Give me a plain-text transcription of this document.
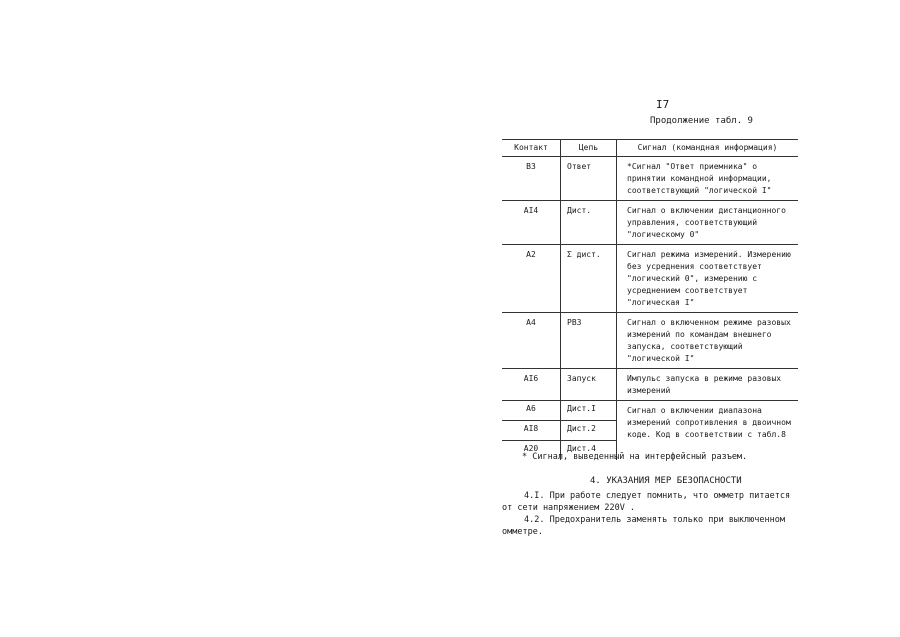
I7
Продолжение табл. 9
Контакт	Цепь	Сигнал (командная информация)
B3	Ответ	*Сигнал "Ответ приемника" о принятии командной информации, соответствующий "логической I"
AI4	Дист.	Сигнал о включении дистанционного управления, соответствующий "логическому 0"
A2	Σ дист.	Сигнал режима измерений. Измерению без усреднения соответствует "логический 0", измерению с усреднением соответствует "логическая I"
A4	РВЗ	Сигнал о включенном режиме разовых измерений по командам внешнего запуска, соответствующий "логической I"
AI6	Запуск	Импульс запуска в режиме разовых измерений
A6	Дист.I	Сигнал о включении диапазона измерений сопротивления в двоичном коде. Код в соответствии с табл.8
AI8	Дист.2	
A20	Дист.4	
* Сигнал, выведенный на интерфейсный разъем.
4. УКАЗАНИЯ МЕР БЕЗОПАСНОСТИ
4.I. При работе следует помнить, что омметр питается от сети напряжением 220V .
4.2. Предохранитель заменять только при выключенном омметре.
